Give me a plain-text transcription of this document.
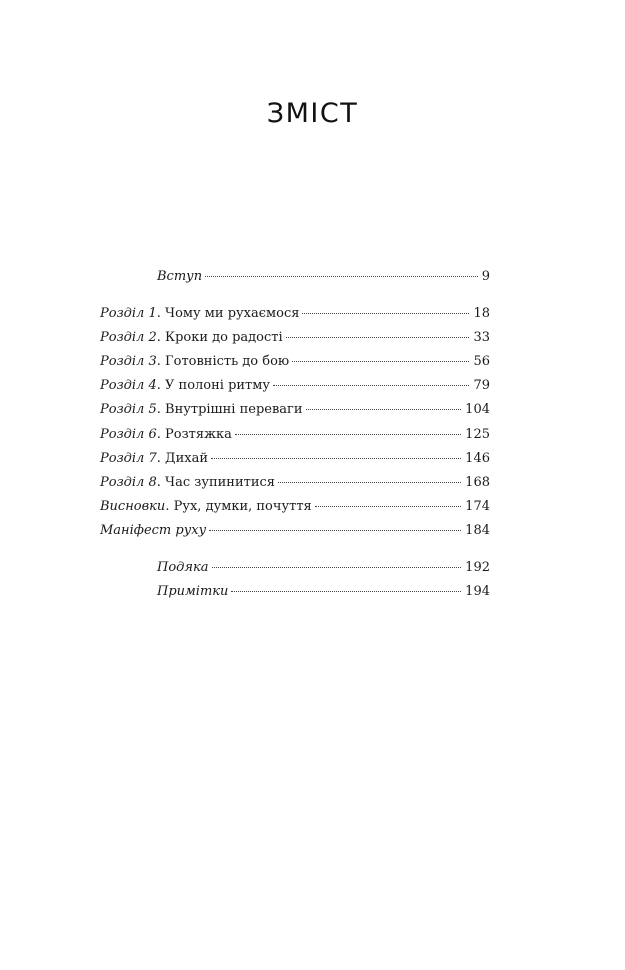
ЗМІСТ
Вступ	9
Розділ 1. Чому ми рухаємося	18
Розділ 2. Кроки до радості	33
Розділ 3. Готовність до бою	56
Розділ 4. У полоні ритму	79
Розділ 5. Внутрішні переваги	104
Розділ 6. Розтяжка	125
Розділ 7. Дихай	146
Розділ 8. Час зупинитися	168
Висновки. Рух, думки, почуття	174
Маніфест руху	184
Подяка	192
Примітки	194
